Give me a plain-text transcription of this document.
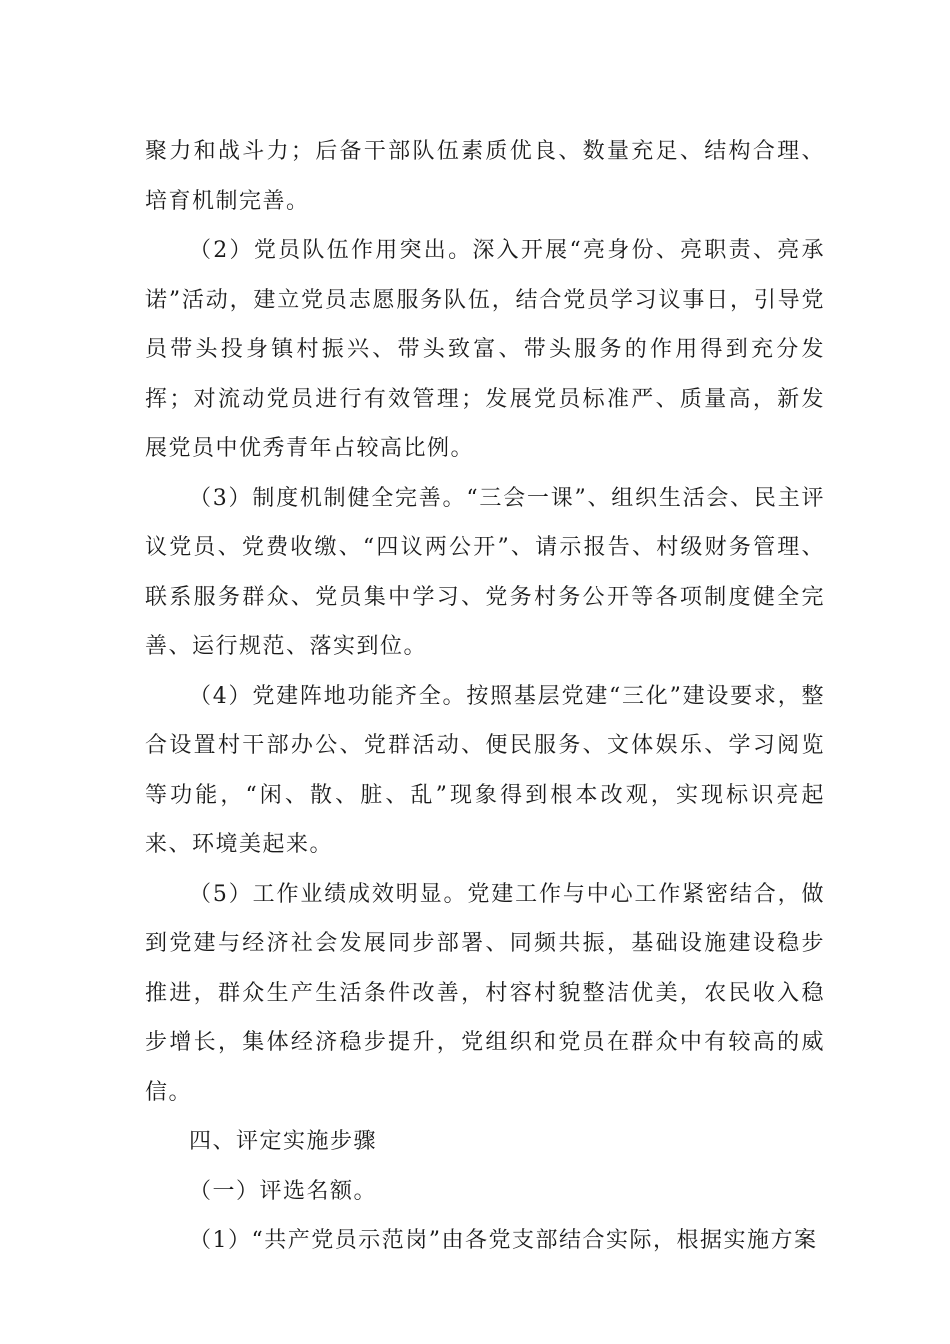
聚力和战斗力；后备干部队伍素质优良、数量充足、结构合理、培育机制完善。

（2）党员队伍作用突出。深入开展“亮身份、亮职责、亮承诺”活动，建立党员志愿服务队伍，结合党员学习议事日，引导党员带头投身镇村振兴、带头致富、带头服务的作用得到充分发挥；对流动党员进行有效管理；发展党员标准严、质量高，新发展党员中优秀青年占较高比例。

（3）制度机制健全完善。“三会一课”、组织生活会、民主评议党员、党费收缴、“四议两公开”、请示报告、村级财务管理、联系服务群众、党员集中学习、党务村务公开等各项制度健全完善、运行规范、落实到位。

（4）党建阵地功能齐全。按照基层党建“三化”建设要求，整合设置村干部办公、党群活动、便民服务、文体娱乐、学习阅览等功能，“闲、散、脏、乱”现象得到根本改观，实现标识亮起来、环境美起来。

（5）工作业绩成效明显。党建工作与中心工作紧密结合，做到党建与经济社会发展同步部署、同频共振，基础设施建设稳步推进，群众生产生活条件改善，村容村貌整洁优美，农民收入稳步增长，集体经济稳步提升，党组织和党员在群众中有较高的威信。

四、评定实施步骤

（一）评选名额。

（1）“共产党员示范岗”由各党支部结合实际，根据实施方案
